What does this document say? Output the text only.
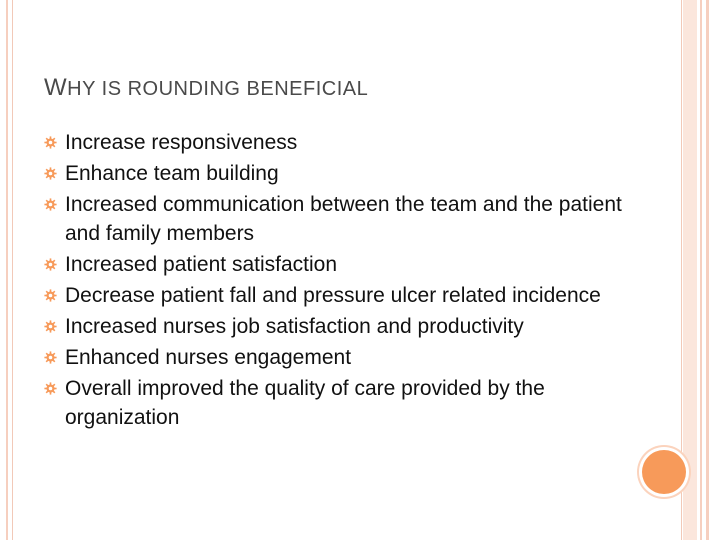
WHY IS ROUNDING BENEFICIAL
Increase responsiveness
Enhance team building
Increased communication between the team and the patient and family members
Increased patient satisfaction
Decrease patient fall and pressure ulcer related incidence
Increased nurses job satisfaction and productivity
Enhanced nurses engagement
Overall improved the quality of care provided by the organization
